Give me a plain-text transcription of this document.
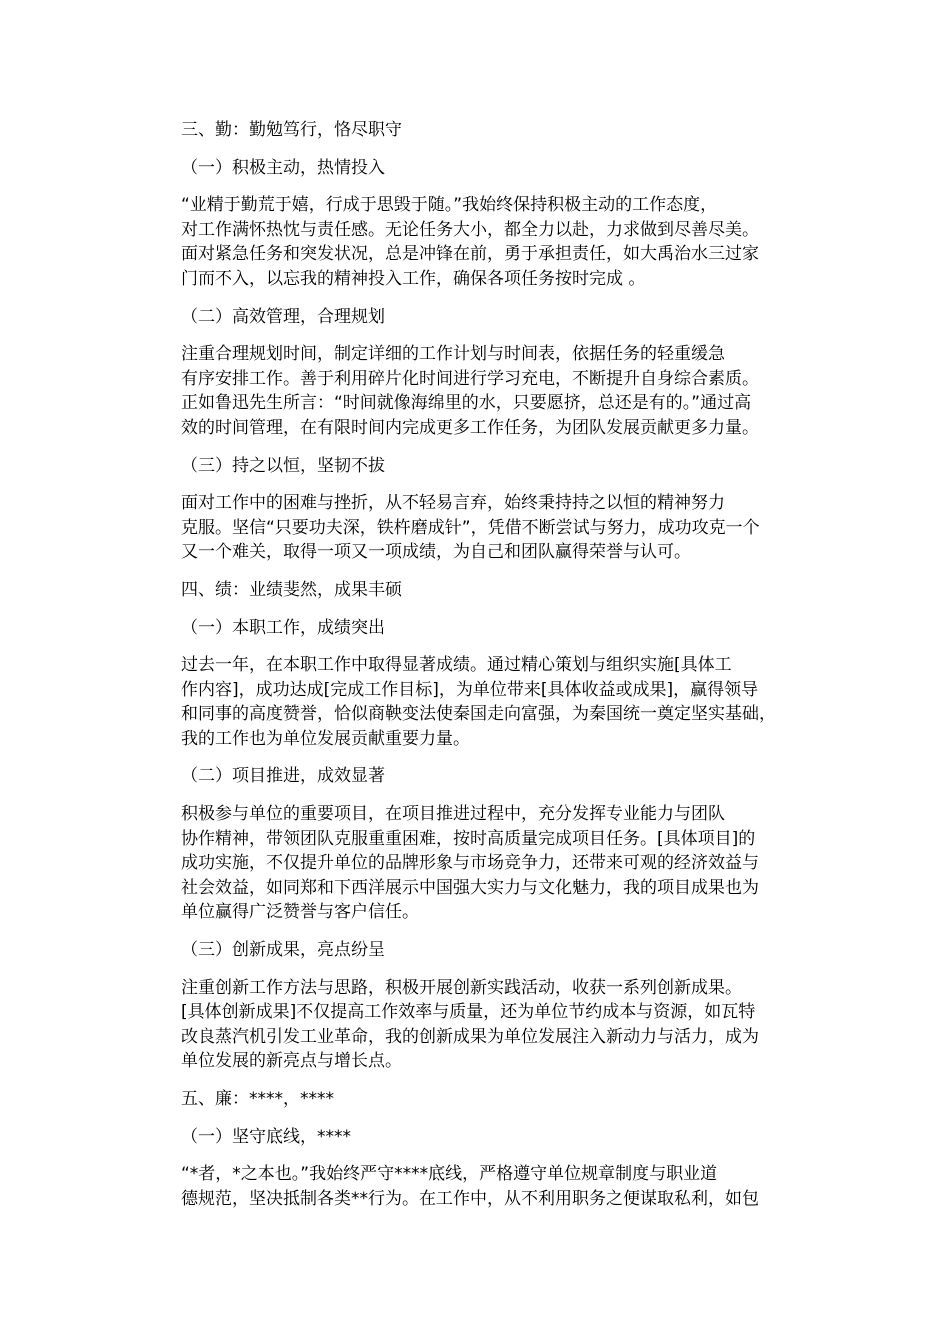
三、勤：勤勉笃行，恪尽职守
（一）积极主动，热情投入
“业精于勤荒于嬉，行成于思毁于随。”我始终保持积极主动的工作态度，
对工作满怀热忱与责任感。无论任务大小，都全力以赴，力求做到尽善尽美。
面对紧急任务和突发状况，总是冲锋在前，勇于承担责任，如大禹治水三过家
门而不入，以忘我的精神投入工作，确保各项任务按时完成 。
（二）高效管理，合理规划
注重合理规划时间，制定详细的工作计划与时间表，依据任务的轻重缓急
有序安排工作。善于利用碎片化时间进行学习充电，不断提升自身综合素质。
正如鲁迅先生所言：“时间就像海绵里的水，只要愿挤，总还是有的。”通过高
效的时间管理，在有限时间内完成更多工作任务，为团队发展贡献更多力量。
（三）持之以恒，坚韧不拔
面对工作中的困难与挫折，从不轻易言弃，始终秉持持之以恒的精神努力
克服。坚信“只要功夫深，铁杵磨成针”，凭借不断尝试与努力，成功攻克一个
又一个难关，取得一项又一项成绩，为自己和团队赢得荣誉与认可。
四、绩：业绩斐然，成果丰硕
（一）本职工作，成绩突出
过去一年，在本职工作中取得显著成绩。通过精心策划与组织实施[具体工
作内容]，成功达成[完成工作目标]，为单位带来[具体收益或成果]，赢得领导
和同事的高度赞誉，恰似商鞅变法使秦国走向富强，为秦国统一奠定坚实基础，
我的工作也为单位发展贡献重要力量。
（二）项目推进，成效显著
积极参与单位的重要项目，在项目推进过程中，充分发挥专业能力与团队
协作精神，带领团队克服重重困难，按时高质量完成项目任务。[具体项目]的
成功实施，不仅提升单位的品牌形象与市场竞争力，还带来可观的经济效益与
社会效益，如同郑和下西洋展示中国强大实力与文化魅力，我的项目成果也为
单位赢得广泛赞誉与客户信任。
（三）创新成果，亮点纷呈
注重创新工作方法与思路，积极开展创新实践活动，收获一系列创新成果。
[具体创新成果]不仅提高工作效率与质量，还为单位节约成本与资源，如瓦特
改良蒸汽机引发工业革命，我的创新成果为单位发展注入新动力与活力，成为
单位发展的新亮点与增长点。
五、廉：****，****
（一）坚守底线，****
“*者，*之本也。”我始终严守****底线，严格遵守单位规章制度与职业道
德规范，坚决抵制各类**行为。在工作中，从不利用职务之便谋取私利，如包
